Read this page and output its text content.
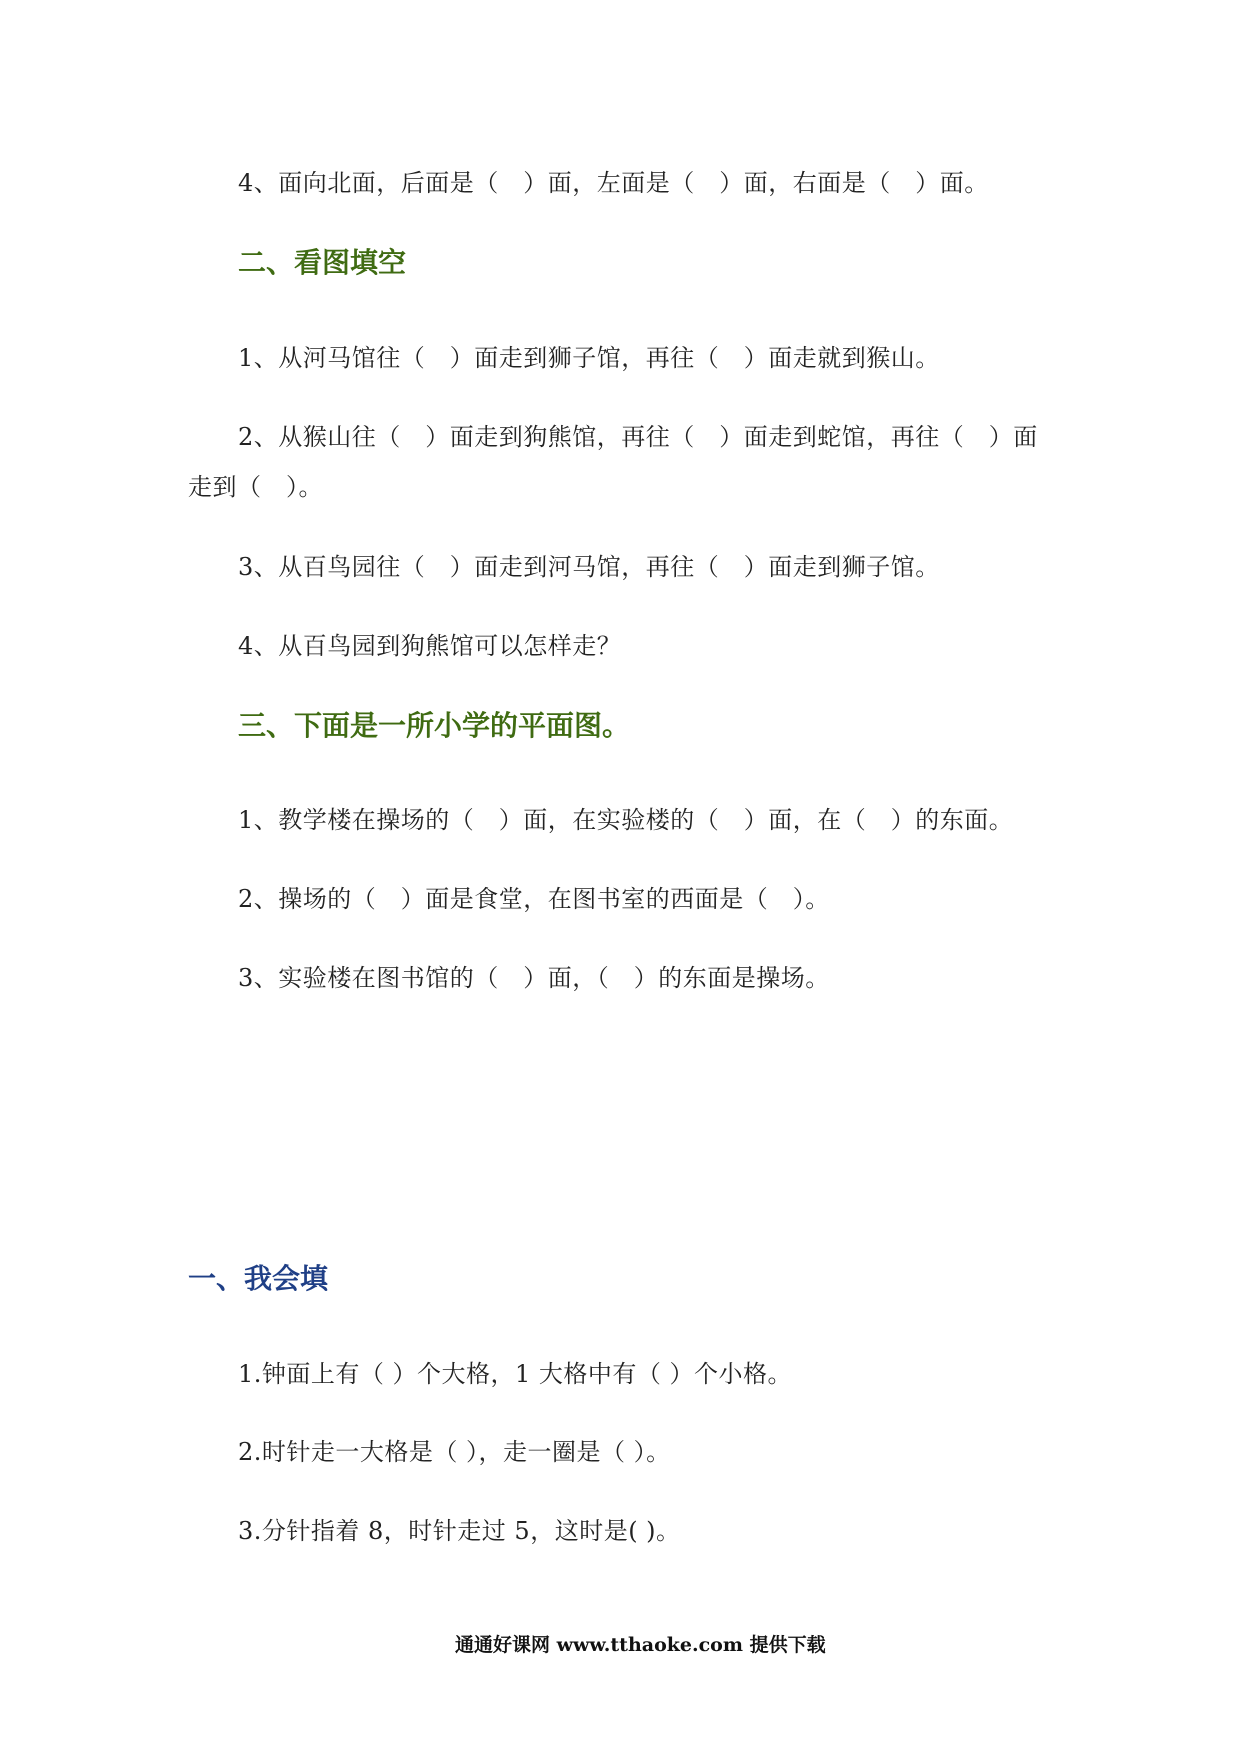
4、面向北面，后面是（　）面，左面是（　）面，右面是（　）面。
二、看图填空
1、从河马馆往（　）面走到狮子馆，再往（　）面走就到猴山。
2、从猴山往（　）面走到狗熊馆，再往（　）面走到蛇馆，再往（　）面
走到（　）。
3、从百鸟园往（　）面走到河马馆，再往（　）面走到狮子馆。
4、从百鸟园到狗熊馆可以怎样走？
三、下面是一所小学的平面图。
1、教学楼在操场的（　）面，在实验楼的（　）面，在（　）的东面。
2、操场的（　）面是食堂，在图书室的西面是（　）。
3、实验楼在图书馆的（　）面，（　）的东面是操场。
一、我会填
1.钟面上有（ ）个大格，1 大格中有（ ）个小格。
2.时针走一大格是（ ），走一圈是（ ）。
3.分针指着 8，时针走过 5，这时是( )。
通通好课网 www.tthaoke.com 提供下载
